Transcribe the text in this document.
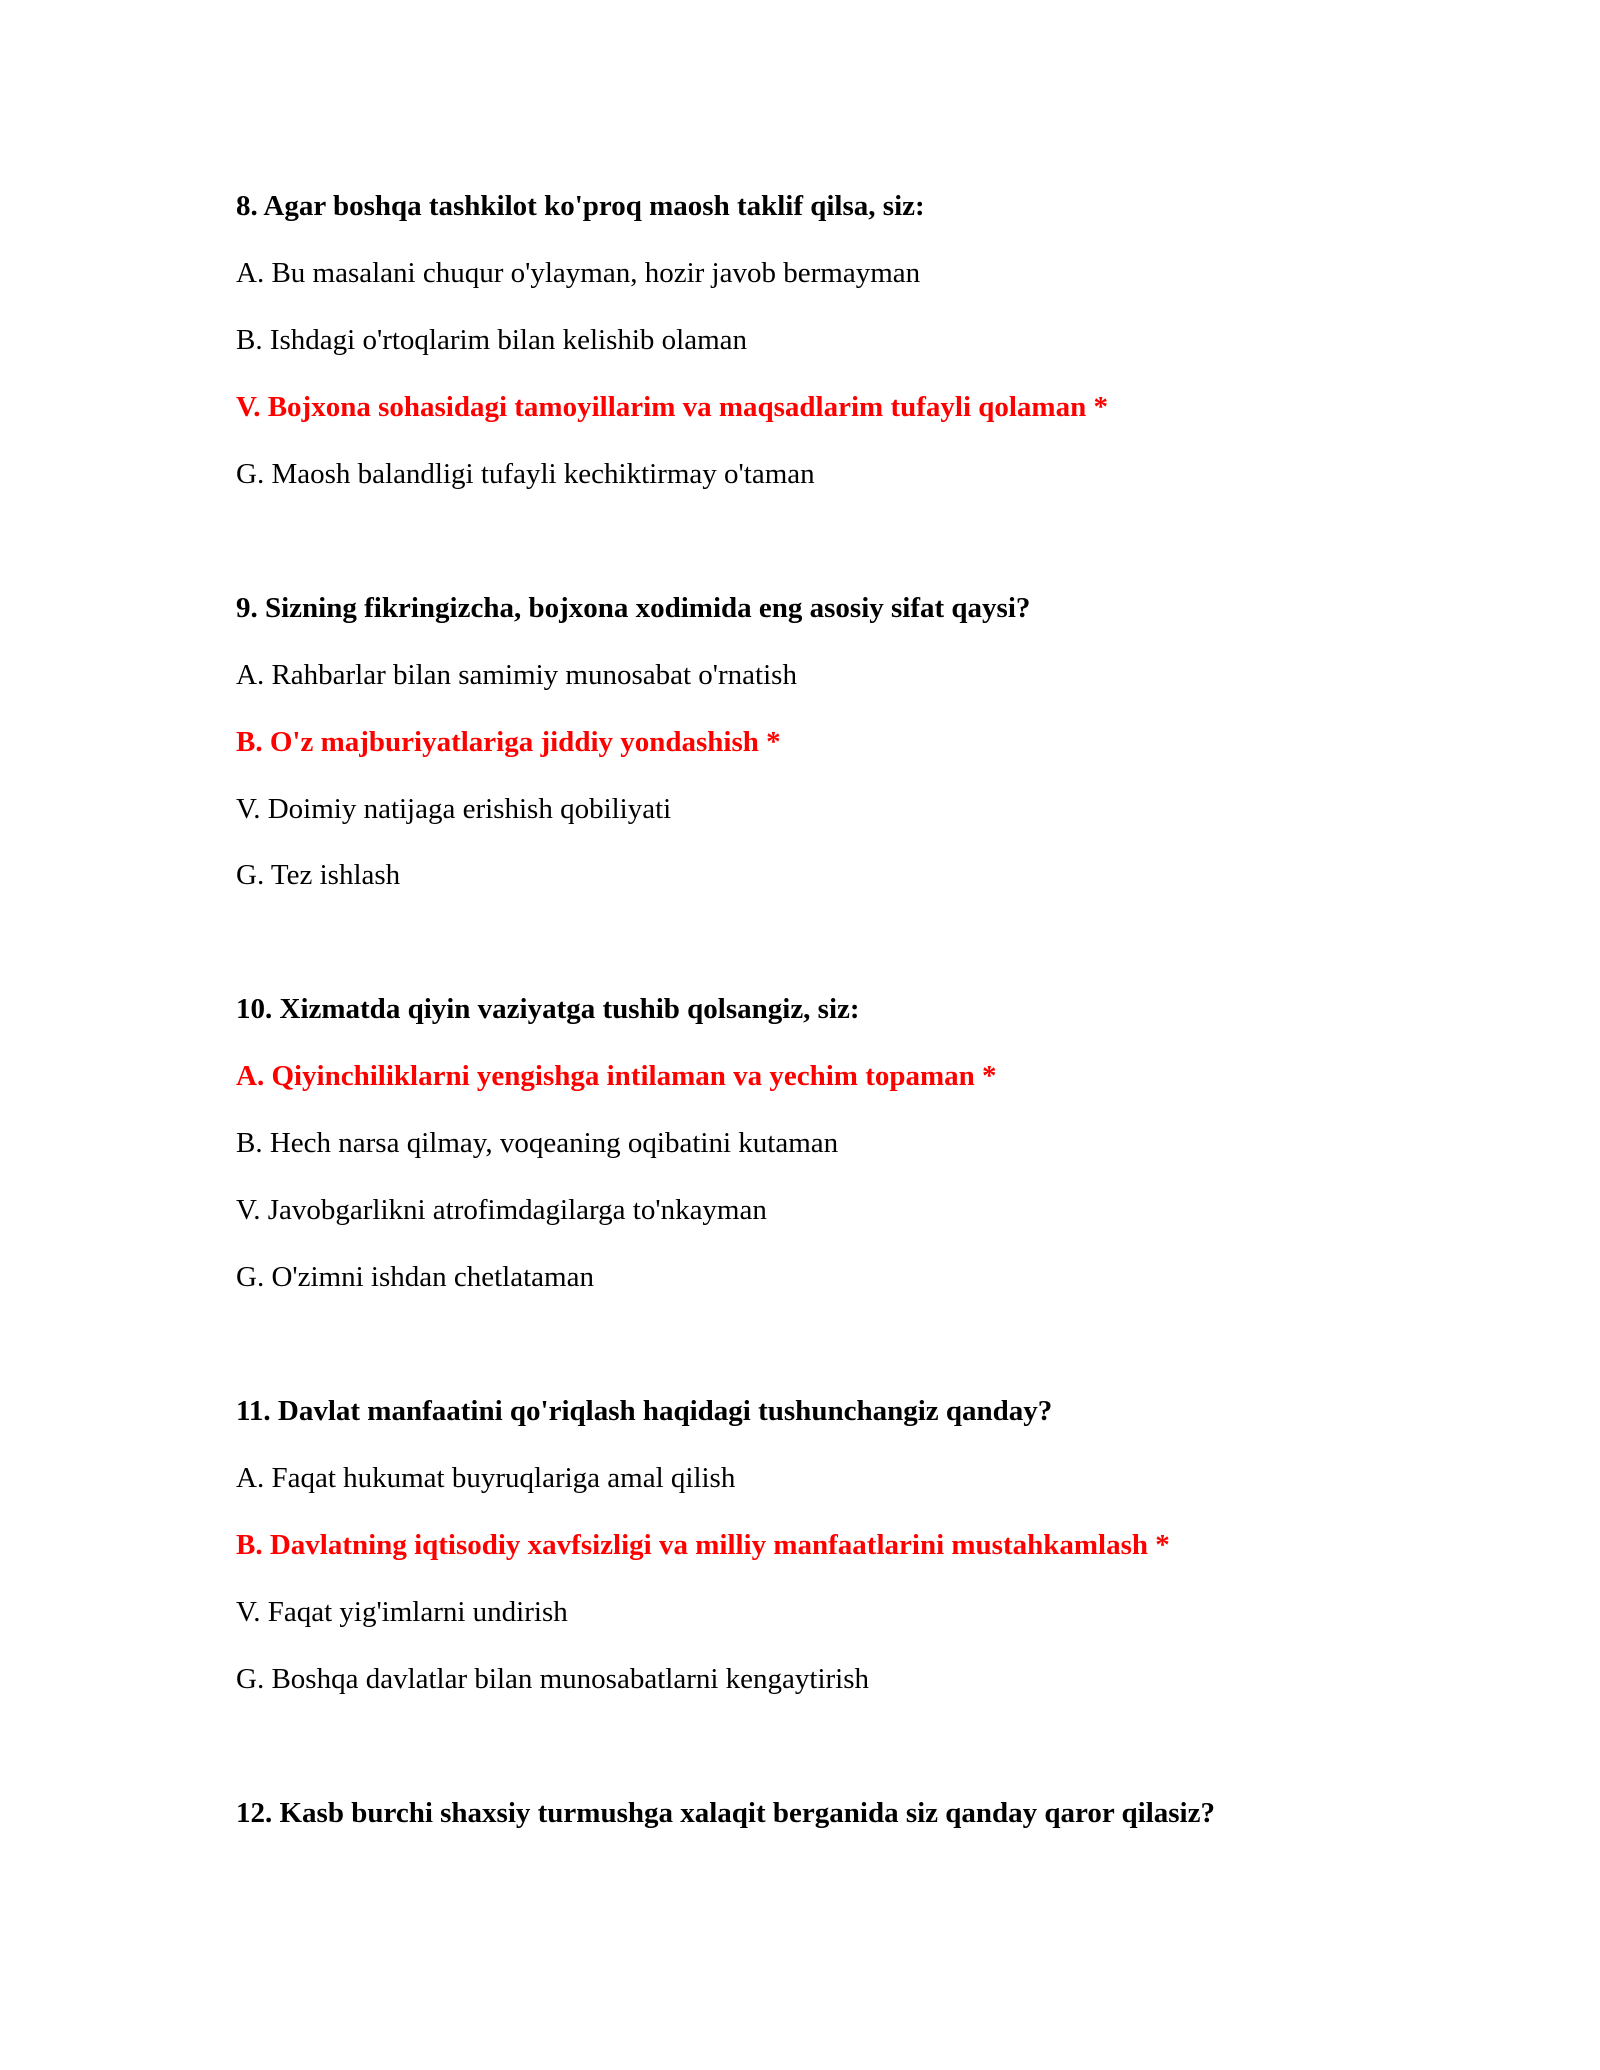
8. Agar boshqa tashkilot ko'proq maosh taklif qilsa, siz:
A. Bu masalani chuqur o'ylayman, hozir javob bermayman
B. Ishdagi o'rtoqlarim bilan kelishib olaman
V. Bojxona sohasidagi tamoyillarim va maqsadlarim tufayli qolaman *
G. Maosh balandligi tufayli kechiktirmay o'taman
9. Sizning fikringizcha, bojxona xodimida eng asosiy sifat qaysi?
A. Rahbarlar bilan samimiy munosabat o'rnatish
B. O'z majburiyatlariga jiddiy yondashish *
V. Doimiy natijaga erishish qobiliyati
G. Tez ishlash
10. Xizmatda qiyin vaziyatga tushib qolsangiz, siz:
A. Qiyinchiliklarni yengishga intilaman va yechim topaman *
B. Hech narsa qilmay, voqeaning oqibatini kutaman
V. Javobgarlikni atrofimdagilarga to'nkayman
G. O'zimni ishdan chetlataman
11. Davlat manfaatini qo'riqlash haqidagi tushunchangiz qanday?
A. Faqat hukumat buyruqlariga amal qilish
B. Davlatning iqtisodiy xavfsizligi va milliy manfaatlarini mustahkamlash *
V. Faqat yig'imlarni undirish
G. Boshqa davlatlar bilan munosabatlarni kengaytirish
12. Kasb burchi shaxsiy turmushga xalaqit berganida siz qanday qaror qilasiz?
